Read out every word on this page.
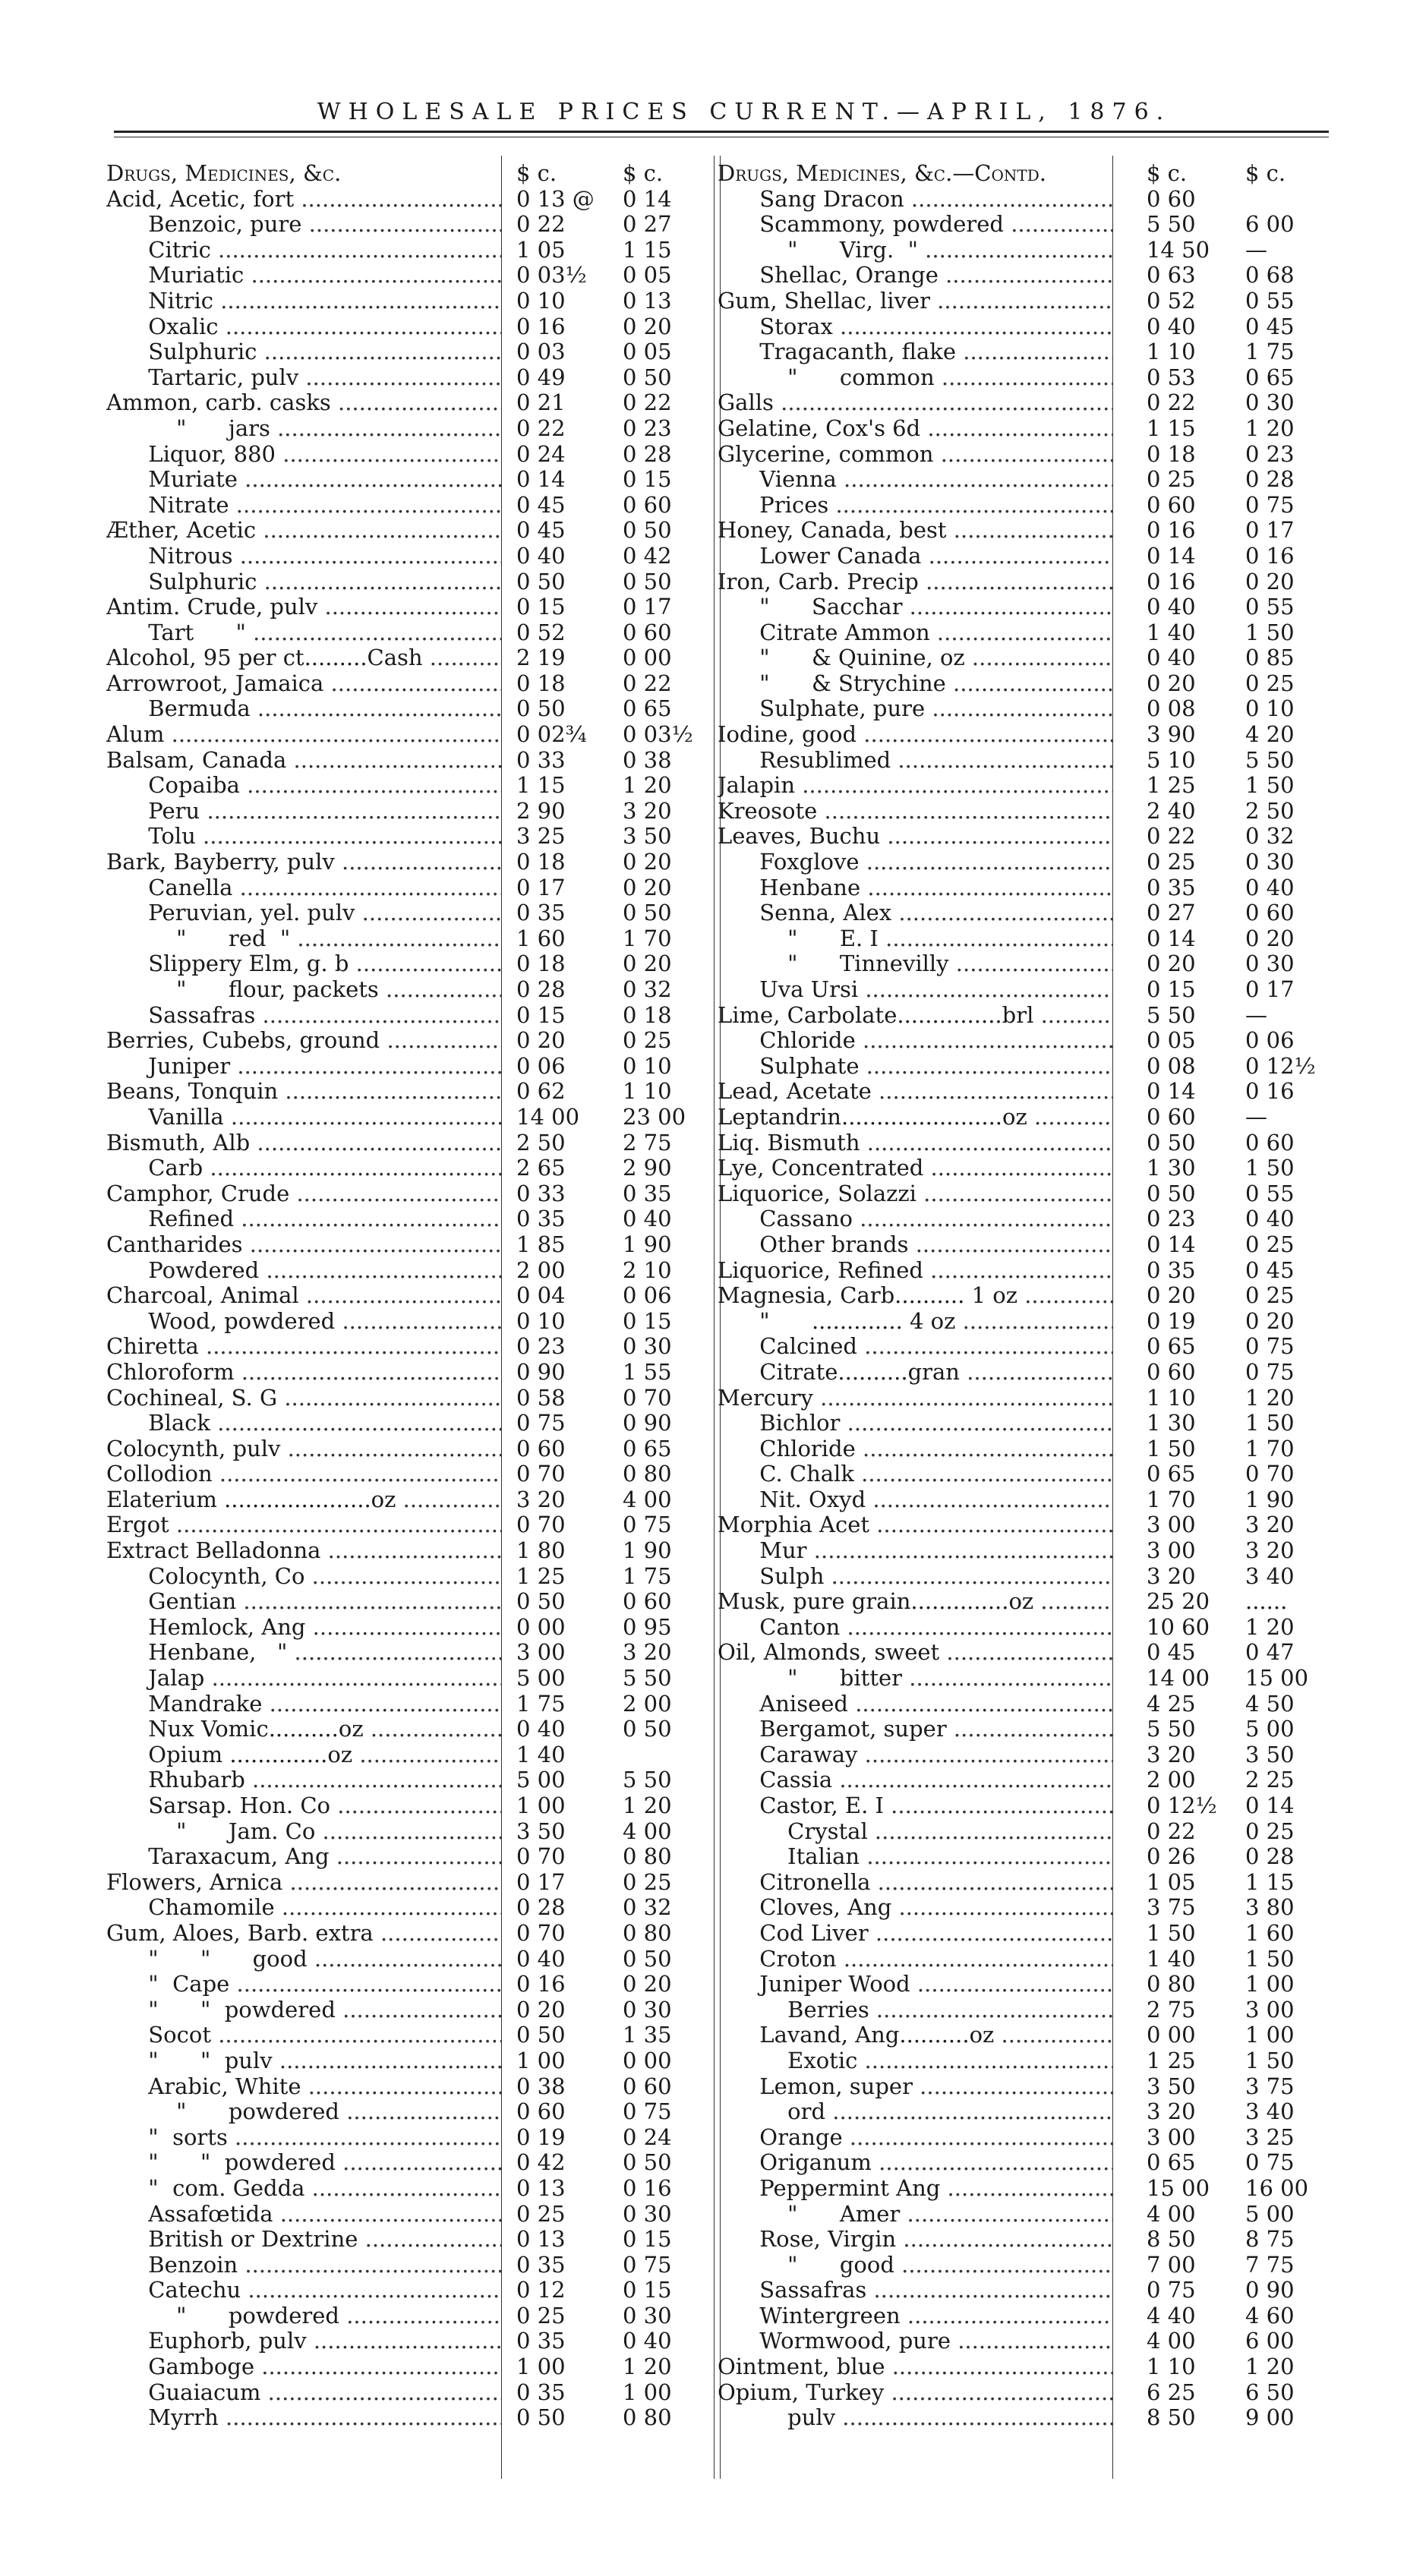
WHOLESALE PRICES CURRENT.—APRIL, 1876.
Drugs, Medicines, &c.	$ c.	$ c.
Acid, Acetic, fort .....	0 13 @	0 14
Benzoic, pure .....	0 22	0 27
Citric .....	1 05	1 15
Muriatic .....	0 03½	0 05
Nitric .....	0 10	0 13
Oxalic .....	0 16	0 20
Sulphuric .....	0 03	0 05
Tartaric, pulv .....	0 49	0 50
Ammon, carb. casks .....	0 21	0 22
"      jars .....	0 22	0 23
Liquor, 880 .....	0 24	0 28
Muriate .....	0 14	0 15
Nitrate .....	0 45	0 60
Æther, Acetic .....	0 45	0 50
Nitrous .....	0 40	0 42
Sulphuric .....	0 50	0 50
Antim. Crude, pulv .....	0 15	0 17
Tart      " .....	0 52	0 60
Alcohol, 95 per ct.........Cash .....	2 19	0 00
Arrowroot, Jamaica .....	0 18	0 22
Bermuda .....	0 50	0 65
Alum .....	0 02¾	0 03½
Balsam, Canada .....	0 33	0 38
Copaiba .....	1 15	1 20
Peru .....	2 90	3 20
Tolu .....	3 25	3 50
Bark, Bayberry, pulv .....	0 18	0 20
Canella .....	0 17	0 20
Peruvian, yel. pulv .....	0 35	0 50
"      red  " .....	1 60	1 70
Slippery Elm, g. b .....	0 18	0 20
"      flour, packets .....	0 28	0 32
Sassafras .....	0 15	0 18
Berries, Cubebs, ground .....	0 20	0 25
Juniper .....	0 06	0 10
Beans, Tonquin .....	0 62	1 10
Vanilla .....	14 00	23 00
Bismuth, Alb .....	2 50	2 75
Carb .....	2 65	2 90
Camphor, Crude .....	0 33	0 35
Refined .....	0 35	0 40
Cantharides .....	1 85	1 90
Powdered .....	2 00	2 10
Charcoal, Animal .....	0 04	0 06
Wood, powdered .....	0 10	0 15
Chiretta .....	0 23	0 30
Chloroform .....	0 90	1 55
Cochineal, S. G .....	0 58	0 70
Black .....	0 75	0 90
Colocynth, pulv .....	0 60	0 65
Collodion .....	0 70	0 80
Elaterium .....................oz .....	3 20	4 00
Ergot .....	0 70	0 75
Extract Belladonna .....	1 80	1 90
Colocynth, Co .....	1 25	1 75
Gentian .....	0 50	0 60
Hemlock, Ang .....	0 00	0 95
Henbane,   " .....	3 00	3 20
Jalap .....	5 00	5 50
Mandrake .....	1 75	2 00
Nux Vomic..........oz .....	0 40	0 50
Opium ..............oz .....	1 40
Rhubarb .....	5 00	5 50
Sarsap. Hon. Co .....	1 00	1 20
"      Jam. Co .....	3 50	4 00
Taraxacum, Ang .....	0 70	0 80
Flowers, Arnica .....	0 17	0 25
Chamomile .....	0 28	0 32
Gum, Aloes, Barb. extra .....	0 70	0 80
"      "      good .....	0 40	0 50
"  Cape .....	0 16	0 20
"      "  powdered .....	0 20	0 30
Socot .....	0 50	1 35
"      "  pulv .....	1 00	0 00
Arabic, White .....	0 38	0 60
"      powdered .....	0 60	0 75
"  sorts .....	0 19	0 24
"      "  powdered .....	0 42	0 50
"  com. Gedda .....	0 13	0 16
Assafœtida .....	0 25	0 30
British or Dextrine .....	0 13	0 15
Benzoin .....	0 35	0 75
Catechu .....	0 12	0 15
"      powdered .....	0 25	0 30
Euphorb, pulv .....	0 35	0 40
Gamboge .....	1 00	1 20
Guaiacum .....	0 35	1 00
Myrrh .....	0 50	0 80
Drugs, Medicines, &c.—Contd.	$ c.	$ c.
Sang Dracon .....	0 60
Scammony, powdered .....	5 50	6 00
"      Virg.  " .....	14 50	—
Shellac, Orange .....	0 63	0 68
Gum, Shellac, liver .....	0 52	0 55
Storax .....	0 40	0 45
Tragacanth, flake .....	1 10	1 75
"      common .....	0 53	0 65
Galls .....	0 22	0 30
Gelatine, Cox's 6d .....	1 15	1 20
Glycerine, common .....	0 18	0 23
Vienna .....	0 25	0 28
Prices .....	0 60	0 75
Honey, Canada, best .....	0 16	0 17
Lower Canada .....	0 14	0 16
Iron, Carb. Precip .....	0 16	0 20
"      Sacchar .....	0 40	0 55
Citrate Ammon .....	1 40	1 50
"      & Quinine, oz .....	0 40	0 85
"      & Strychine .....	0 20	0 25
Sulphate, pure .....	0 08	0 10
Iodine, good .....	3 90	4 20
Resublimed .....	5 10	5 50
Jalapin .....	1 25	1 50
Kreosote .....	2 40	2 50
Leaves, Buchu .....	0 22	0 32
Foxglove .....	0 25	0 30
Henbane .....	0 35	0 40
Senna, Alex .....	0 27	0 60
"      E. I .....	0 14	0 20
"      Tinnevilly .....	0 20	0 30
Uva Ursi .....	0 15	0 17
Lime, Carbolate...............brl .....	5 50	—
Chloride .....	0 05	0 06
Sulphate .....	0 08	0 12½
Lead, Acetate .....	0 14	0 16
Leptandrin.......................oz .....	0 60	—
Liq. Bismuth .....	0 50	0 60
Lye, Concentrated .....	1 30	1 50
Liquorice, Solazzi .....	0 50	0 55
Cassano .....	0 23	0 40
Other brands .....	0 14	0 25
Liquorice, Refined .....	0 35	0 45
Magnesia, Carb.......... 1 oz .....	0 20	0 25
"      ............. 4 oz .....	0 19	0 20
Calcined .....	0 65	0 75
Citrate..........gran .....	0 60	0 75
Mercury .....	1 10	1 20
Bichlor .....	1 30	1 50
Chloride .....	1 50	1 70
C. Chalk .....	0 65	0 70
Nit. Oxyd .....	1 70	1 90
Morphia Acet .....	3 00	3 20
Mur .....	3 00	3 20
Sulph .....	3 20	3 40
Musk, pure grain..............oz .....	25 20	......
Canton .....	10 60	1 20
Oil, Almonds, sweet .....	0 45	0 47
"      bitter .....	14 00	15 00
Aniseed .....	4 25	4 50
Bergamot, super .....	5 50	5 00
Caraway .....	3 20	3 50
Cassia .....	2 00	2 25
Castor, E. I .....	0 12½	0 14
Crystal .....	0 22	0 25
Italian .....	0 26	0 28
Citronella .....	1 05	1 15
Cloves, Ang .....	3 75	3 80
Cod Liver .....	1 50	1 60
Croton .....	1 40	1 50
Juniper Wood .....	0 80	1 00
Berries .....	2 75	3 00
Lavand, Ang..........oz .....	0 00	1 00
Exotic .....	1 25	1 50
Lemon, super .....	3 50	3 75
ord .....	3 20	3 40
Orange .....	3 00	3 25
Origanum .....	0 65	0 75
Peppermint Ang .....	15 00	16 00
"      Amer .....	4 00	5 00
Rose, Virgin .....	8 50	8 75
"      good .....	7 00	7 75
Sassafras .....	0 75	0 90
Wintergreen .....	4 40	4 60
Wormwood, pure .....	4 00	6 00
Ointment, blue .....	1 10	1 20
Opium, Turkey .....	6 25	6 50
pulv .....	8 50	9 00
